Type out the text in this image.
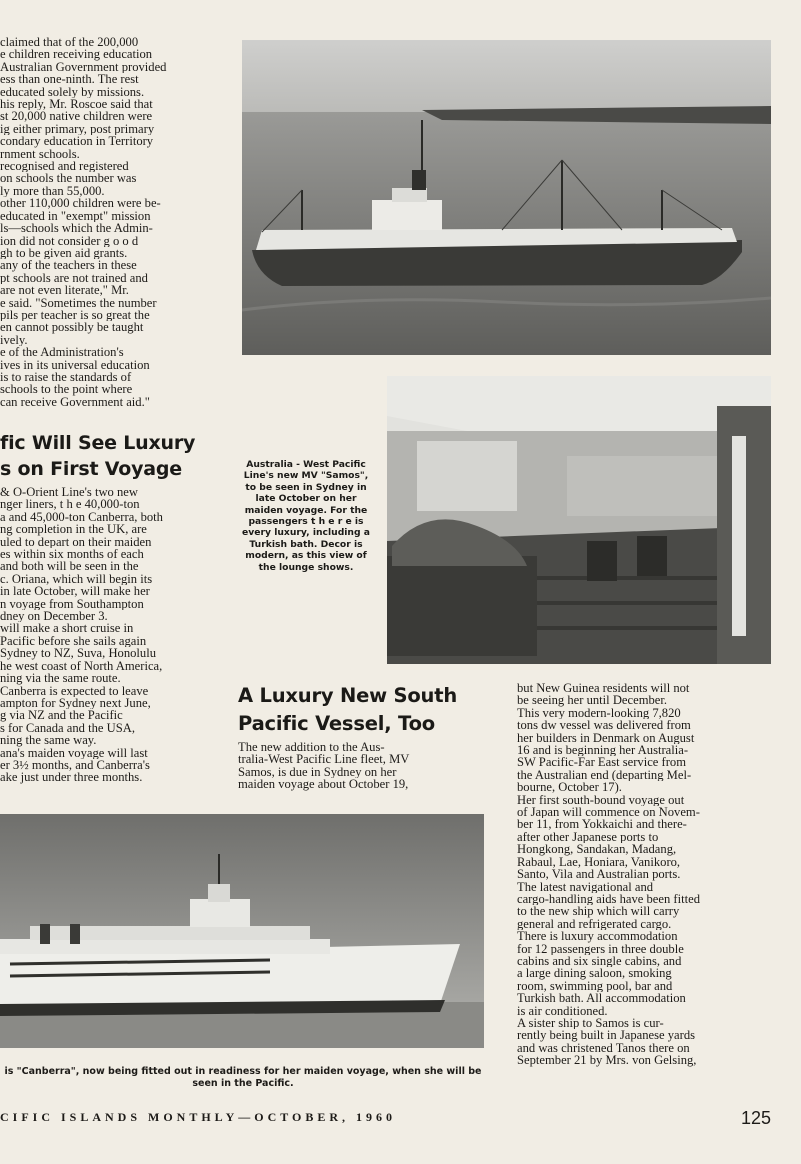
claimed that of the 200,000
e children receiving education
Australian Government provided
ess than one-ninth. The rest
educated solely by missions.
his reply, Mr. Roscoe said that
st 20,000 native children were
ig either primary, post primary
condary education in Territory
rnment schools.
recognised and registered
on schools the number was
ly more than 55,000.
other 110,000 children were be-
educated in "exempt" mission
ls—schools which the Admin-
ion did not consider g o o d
gh to be given aid grants.
any of the teachers in these
pt schools are not trained and
are not even literate," Mr.
e said. "Sometimes the number
pils per teacher is so great the
en cannot possibly be taught
ively.
e of the Administration's
ives in its universal education
is to raise the standards of
schools to the point where
can receive Government aid."
fic Will See Luxury
s on First Voyage
& O-Orient Line's two new
nger liners, t h e 40,000-ton
a and 45,000-ton Canberra, both
ng completion in the UK, are
uled to depart on their maiden
es within six months of each
and both will be seen in the
c. Oriana, which will begin its
in late October, will make her
n voyage from Southampton
dney on December 3.
will make a short cruise in
Pacific before she sails again
Sydney to NZ, Suva, Honolulu
he west coast of North America,
ning via the same route.
Canberra is expected to leave
ampton for Sydney next June,
g via NZ and the Pacific
s for Canada and the USA,
ning the same way.
ana's maiden voyage will last
er 3½ months, and Canberra's
ake just under three months.
Australia - West Pacific Line's new MV "Samos", to be seen in Sydney in late October on her maiden voyage. For the passengers t h e r e is every luxury, including a Turkish bath. Decor is modern, as this view of the lounge shows.
A Luxury New South
Pacific Vessel, Too
The new addition to the Aus-
tralia-West Pacific Line fleet, MV
Samos, is due in Sydney on her
maiden voyage about October 19,
but New Guinea residents will not
be seeing her until December.
This very modern-looking 7,820
tons dw vessel was delivered from
her builders in Denmark on August
16 and is beginning her Australia-
SW Pacific-Far East service from
the Australian end (departing Mel-
bourne, October 17).
Her first south-bound voyage out
of Japan will commence on Novem-
ber 11, from Yokkaichi and there-
after other Japanese ports to
Hongkong, Sandakan, Madang,
Rabaul, Lae, Honiara, Vanikoro,
Santo, Vila and Australian ports.
The latest navigational and
cargo-handling aids have been fitted
to the new ship which will carry
general and refrigerated cargo.
There is luxury accommodation
for 12 passengers in three double
cabins and six single cabins, and
a large dining saloon, smoking
room, swimming pool, bar and
Turkish bath. All accommodation
is air conditioned.
A sister ship to Samos is cur-
rently being built in Japanese yards
and was christened Tanos there on
September 21 by Mrs. von Gelsing,
is "Canberra", now being fitted out in readiness for her maiden voyage, when she will be seen in the Pacific.
CIFIC ISLANDS MONTHLY—OCTOBER, 1960	125
